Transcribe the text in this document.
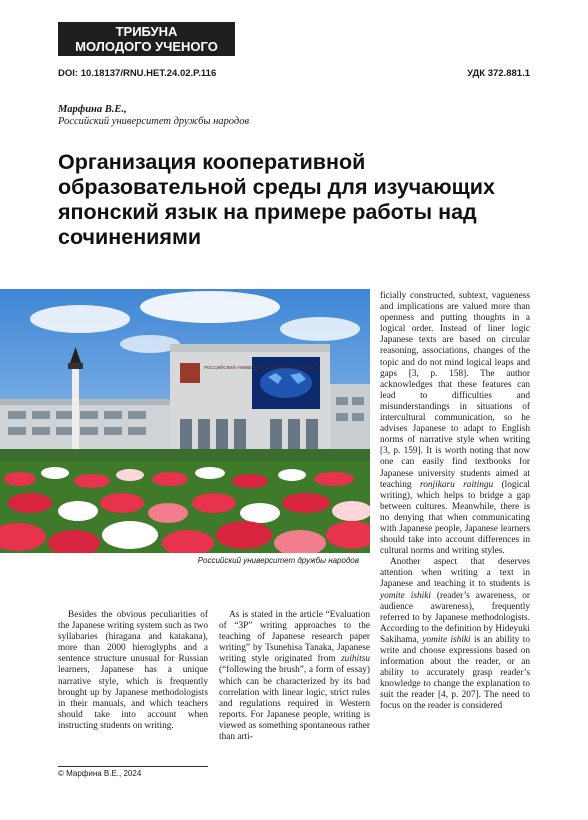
ТРИБУНА
МОЛОДОГО УЧЕНОГО
DOI: 10.18137/RNU.HET.24.02.P.116	УДК 372.881.1
Марфина В.Е.,
Российский университет дружбы народов
Организация кооперативной образовательной среды для изучающих японский язык на примере работы над сочинениями
РОССИЙСКИЙ УНИВЕРСИТЕТ ДРУЖБЫ НАРОДОВ
Российский университет дружбы народов

Besides the obvious peculiarities of the Japanese writing system such as two syllabaries (hiragana and katakana), more than 2000 hieroglyphs and a sentence structure unusual for Russian learners, Japanese has a unique narrative style, which is frequently brought up by Japanese methodologists in their manuals, and which teachers should take into account when instructing students on writing.

As is stated in the article “Evaluation of “3P” writing approaches to the teaching of Japanese research paper writing” by Tsunehisa Tanaka, Japanese writing style originated from zuihitsu (“following the brush”, a form of essay) which can be characterized by its bad correlation with linear logic, strict rules and regulations required in Western reports. For Japanese people, writing is viewed as something spontaneous rather than arti-

ficially constructed, subtext, vagueness and implications are valued more than openness and putting thoughts in a logical order. Instead of liner logic Japanese texts are based on circular reasoning, associations, changes of the topic and do not mind logical leaps and gaps [3, p. 158]. The author acknowledges that these features can lead to difficulties and misunderstandings in situations of intercultural communication, so he advises Japanese to adapt to English norms of narrative style when writing [3, p. 159]. It is worth noting that now one can easily find textbooks for Japanese university students aimed at teaching ronjikaru raitingu (logical writing), which helps to bridge a gap between cultures. Meanwhile, there is no denying that when communicating with Japanese people, Japanese learners should take into account differences in cultural norms and writing styles.

Another aspect that deserves attention when writing a text in Japanese and teaching it to students is yomite ishiki (reader’s awareness, or audience awareness), frequently referred to by Japanese methodologists. According to the definition by Hideyuki Sakihama, yomite ishiki is an ability to write and choose expressions based on information about the reader, or an ability to accurately grasp reader’s knowledge to change the explanation to suit the reader [4, p. 207]. The need to focus on the reader is considered

© Марфина В.Е., 2024
